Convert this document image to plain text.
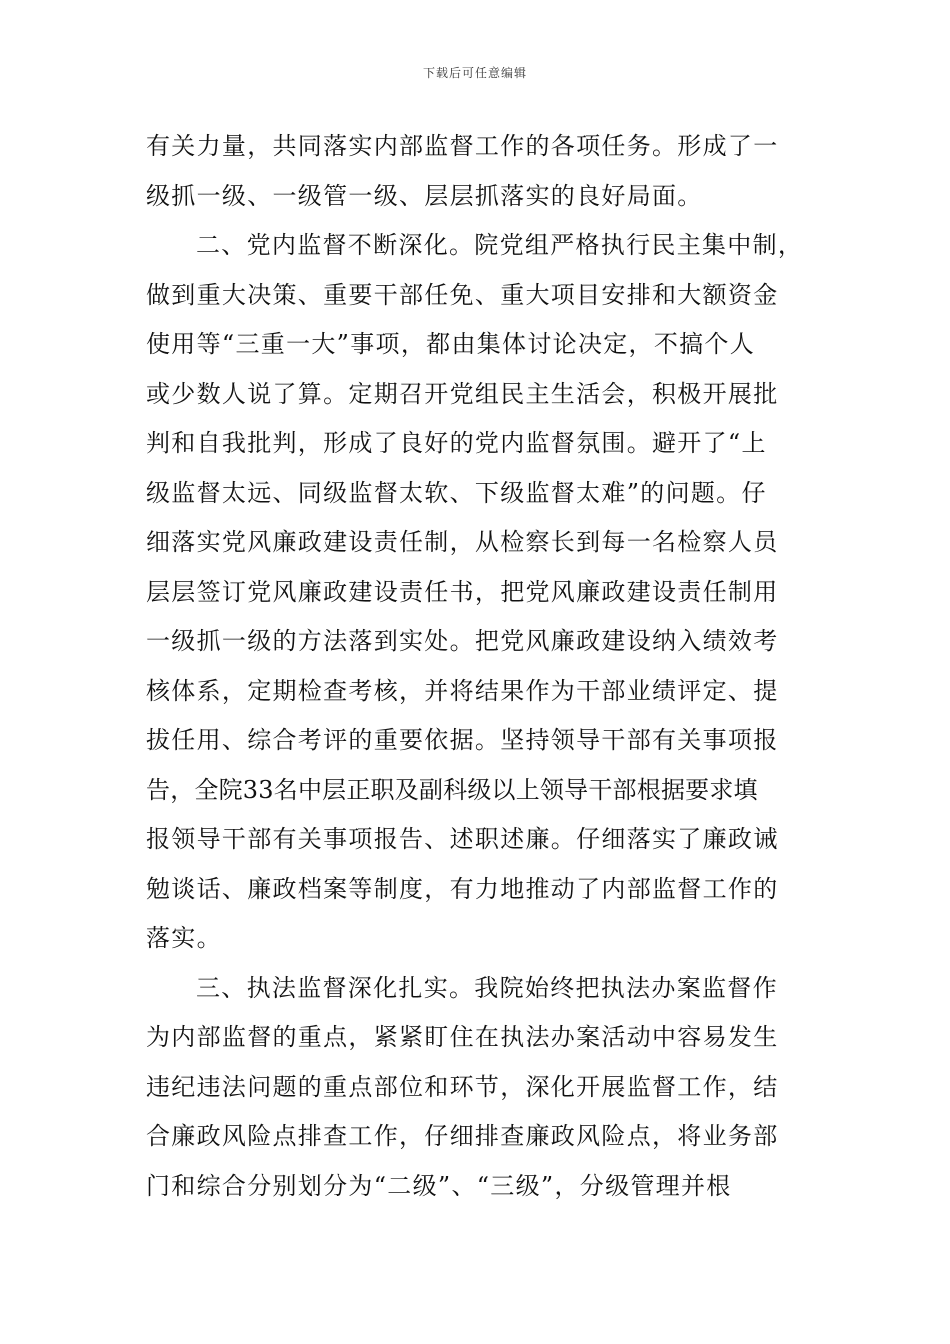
下载后可任意编辑
有关力量，共同落实内部监督工作的各项任务。形成了一
级抓一级、一级管一级、层层抓落实的良好局面。
二、党内监督不断深化。院党组严格执行民主集中制，
做到重大决策、重要干部任免、重大项目安排和大额资金
使用等“三重一大”事项，都由集体讨论决定，不搞个人
或少数人说了算。定期召开党组民主生活会，积极开展批
判和自我批判，形成了良好的党内监督氛围。避开了“上
级监督太远、同级监督太软、下级监督太难”的问题。仔
细落实党风廉政建设责任制，从检察长到每一名检察人员
层层签订党风廉政建设责任书，把党风廉政建设责任制用
一级抓一级的方法落到实处。把党风廉政建设纳入绩效考
核体系，定期检查考核，并将结果作为干部业绩评定、提
拔任用、综合考评的重要依据。坚持领导干部有关事项报
告，全院33名中层正职及副科级以上领导干部根据要求填
报领导干部有关事项报告、述职述廉。仔细落实了廉政诫
勉谈话、廉政档案等制度，有力地推动了内部监督工作的
落实。
三、执法监督深化扎实。我院始终把执法办案监督作
为内部监督的重点，紧紧盯住在执法办案活动中容易发生
违纪违法问题的重点部位和环节，深化开展监督工作，结
合廉政风险点排查工作，仔细排查廉政风险点，将业务部
门和综合分别划分为“二级”、“三级”，分级管理并根
